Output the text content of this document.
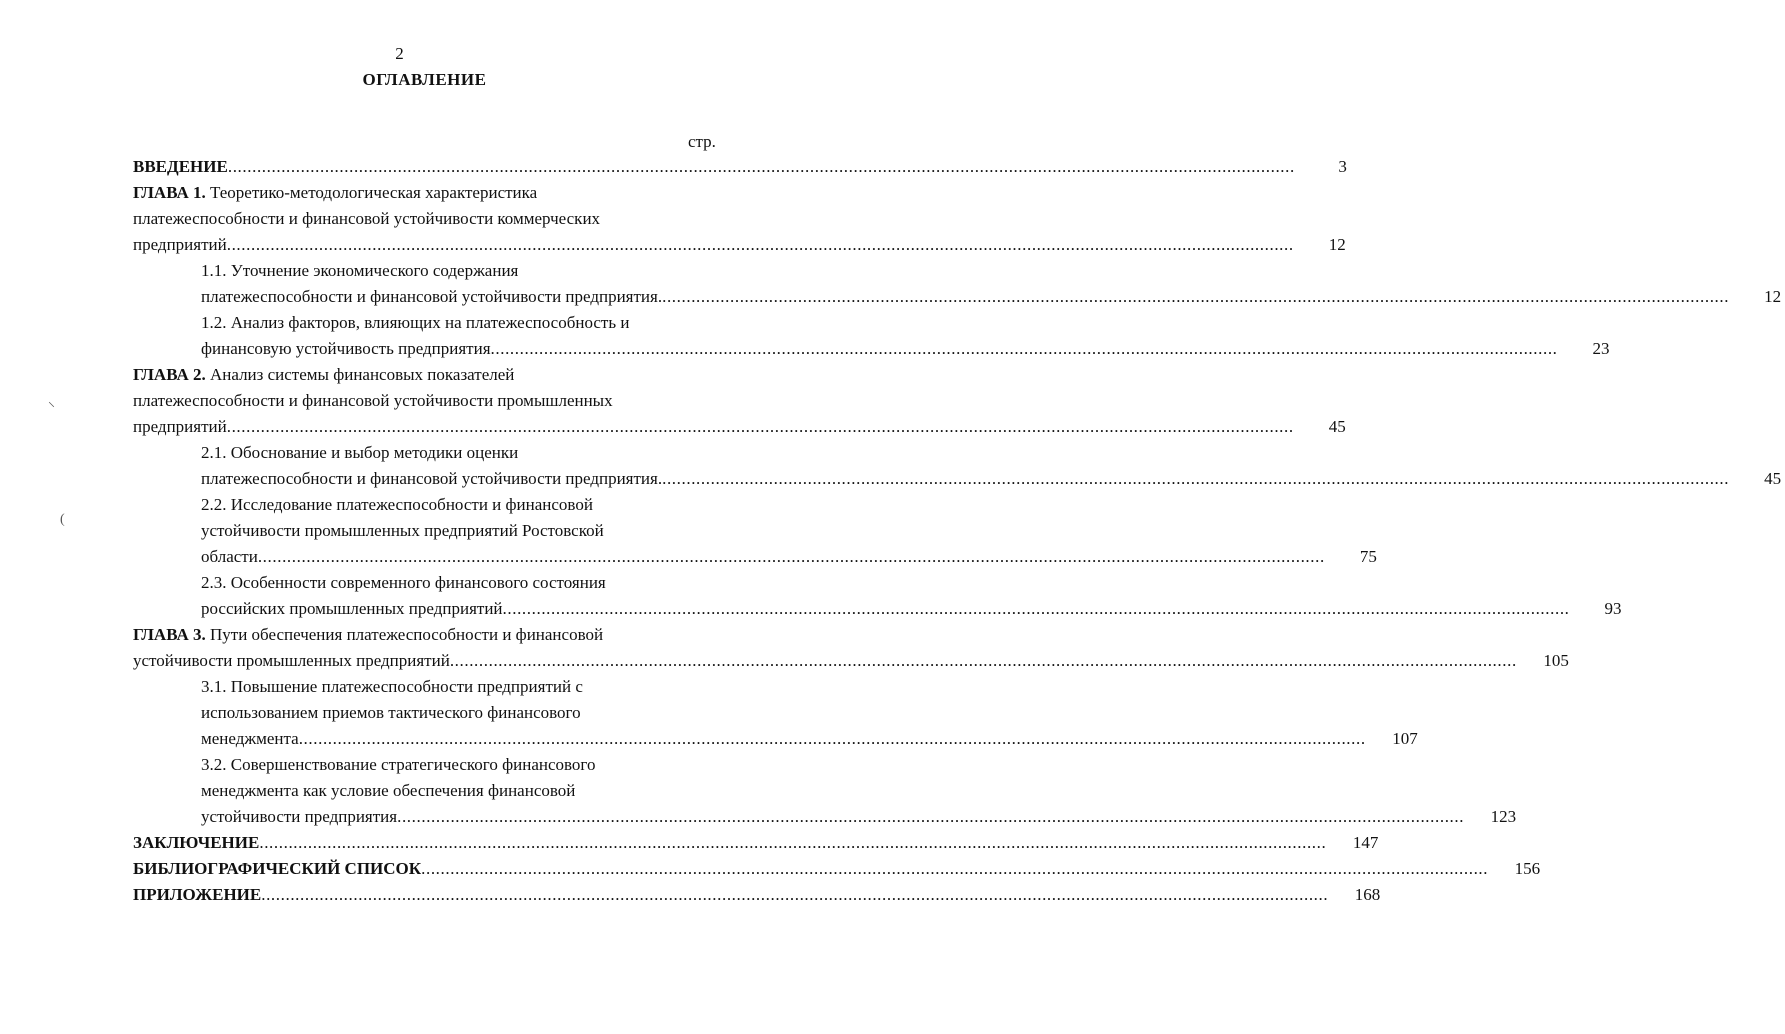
2
ОГЛАВЛЕНИЕ
стр.
ВВЕДЕНИЕ ............................................................................................................................................................................................................................	3
ГЛАВА 1. Теоретико-методологическая характеристика
платежеспособности и финансовой устойчивости коммерческих
предприятий ............................................................................................................................................................................................................................	12
1.1. Уточнение экономического содержания
платежеспособности и финансовой устойчивости предприятия. ............................................................................................................................................................................................................................	12
1.2. Анализ факторов, влияющих на платежеспособность и
финансовую устойчивость предприятия ............................................................................................................................................................................................................................	23
ГЛАВА 2. Анализ системы финансовых показателей
платежеспособности и финансовой устойчивости промышленных
предприятий ............................................................................................................................................................................................................................	45
2.1. Обоснование и выбор методики оценки
платежеспособности и финансовой устойчивости предприятия. ............................................................................................................................................................................................................................	45
2.2. Исследование платежеспособности и финансовой
устойчивости промышленных предприятий Ростовской
области ............................................................................................................................................................................................................................	75
2.3. Особенности современного финансового состояния
российских промышленных предприятий ............................................................................................................................................................................................................................	93
ГЛАВА 3. Пути обеспечения платежеспособности и финансовой
устойчивости промышленных предприятий ............................................................................................................................................................................................................................	105
3.1. Повышение платежеспособности предприятий с
использованием приемов тактического финансового
менеджмента ............................................................................................................................................................................................................................	107
3.2. Совершенствование стратегического финансового
менеджмента как условие обеспечения финансовой
устойчивости предприятия ............................................................................................................................................................................................................................	123
ЗАКЛЮЧЕНИЕ ............................................................................................................................................................................................................................	147
БИБЛИОГРАФИЧЕСКИЙ СПИСОК ............................................................................................................................................................................................................................	156
ПРИЛОЖЕНИЕ ............................................................................................................................................................................................................................	168
⸜
(
